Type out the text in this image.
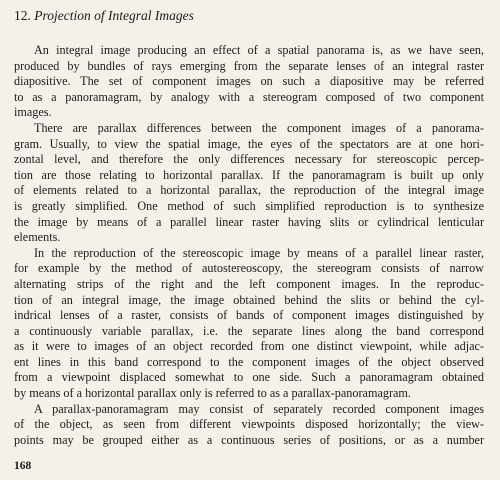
12. Projection of Integral Images
An integral image producing an effect of a spatial panorama is, as we have seen,
produced by bundles of rays emerging from the separate lenses of an integral raster
diapositive. The set of component images on such a diapositive may be referred
to as a panoramagram, by analogy with a stereogram composed of two component
images.
There are parallax differences between the component images of a panorama-
gram. Usually, to view the spatial image, the eyes of the spectators are at one hori-
zontal level, and therefore the only differences necessary for stereoscopic percep-
tion are those relating to horizontal parallax. If the panoramagram is built up only
of elements related to a horizontal parallax, the reproduction of the integral image
is greatly simplified. One method of such simplified reproduction is to synthesize
the image by means of a parallel linear raster having slits or cylindrical lenticular
elements.
In the reproduction of the stereoscopic image by means of a parallel linear raster,
for example by the method of autostereoscopy, the stereogram consists of narrow
alternating strips of the right and the left component images. In the reproduc-
tion of an integral image, the image obtained behind the slits or behind the cyl-
indrical lenses of a raster, consists of bands of component images distinguished by
a continuously variable parallax, i.e. the separate lines along the band correspond
as it were to images of an object recorded from one distinct viewpoint, while adjac-
ent lines in this band correspond to the component images of the object observed
from a viewpoint displaced somewhat to one side. Such a panoramagram obtained
by means of a horizontal parallax only is referred to as a parallax-panoramagram.
A parallax-panoramagram may consist of separately recorded component images
of the object, as seen from different viewpoints disposed horizontally; the view-
points may be grouped either as a continuous series of positions, or as a number
168
